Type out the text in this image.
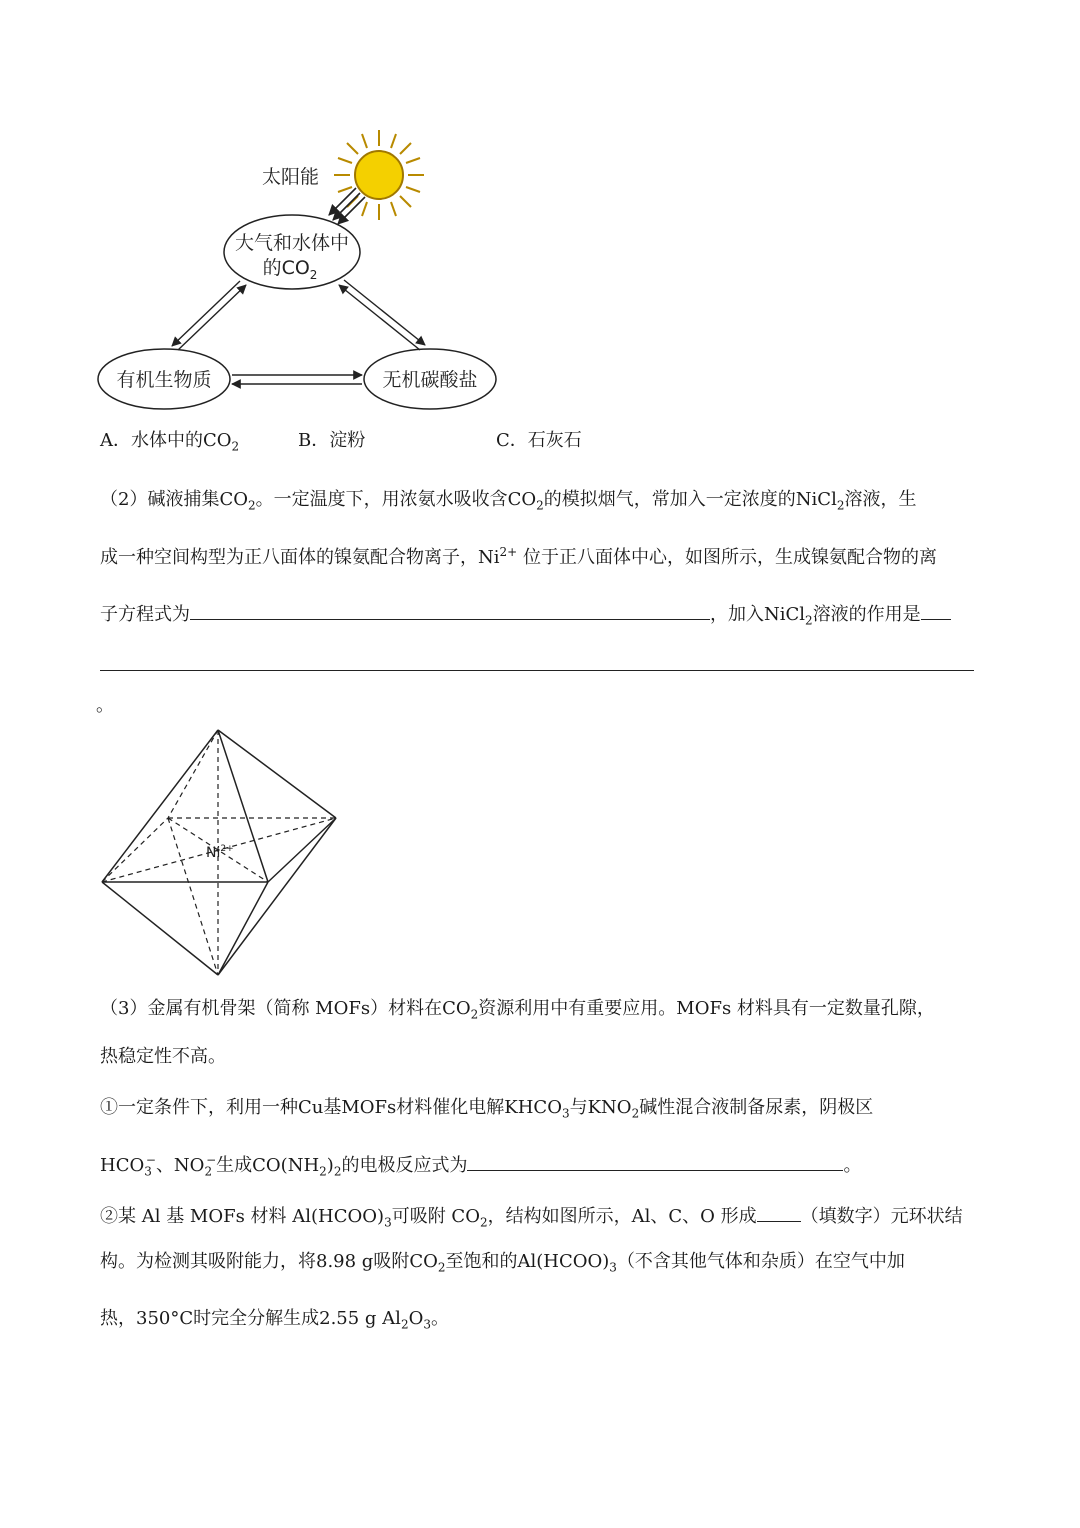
太阳能
大气和水体中
的$CO_2$
有机生物质	无机碳酸盐
A．水体中的$CO_2$	B．淀粉	C．石灰石
（2）碱液捕集$CO_2$。一定温度下，用浓氨水吸收含$CO_2$的模拟烟气，常加入一定浓度的NiCl$_2$溶液，生
成一种空间构型为正八面体的镍氨配合物离子，$Ni^{2+}$ 位于正八面体中心，如图所示，生成镍氨配合物的离
子方程式为	，加入NiCl$_2$溶液的作用是
。
$Ni^{2+}$
（3）金属有机骨架（简称 MOFs）材料在$CO_2$资源利用中有重要应用。MOFs 材料具有一定数量孔隙，
热稳定性不高。
①一定条件下，利用一种Cu基MOFs材料催化电解$KHCO_3$与$KNO_2$碱性混合液制备尿素，阴极区
$HCO_3^-$、$NO_2^-$生成$CO(NH_2)_2$的电极反应式为	。
②某 Al 基 MOFs 材料 $Al(HCOO)_3$可吸附 $CO_2$，结构如图所示，Al、C、O 形成 （填数字）元环状结
构。为检测其吸附能力，将8.98 g吸附$CO_2$至饱和的$Al(HCOO)_3$（不含其他气体和杂质）在空气中加
热，350°C时完全分解生成2.55 g $Al_2O_3$。
